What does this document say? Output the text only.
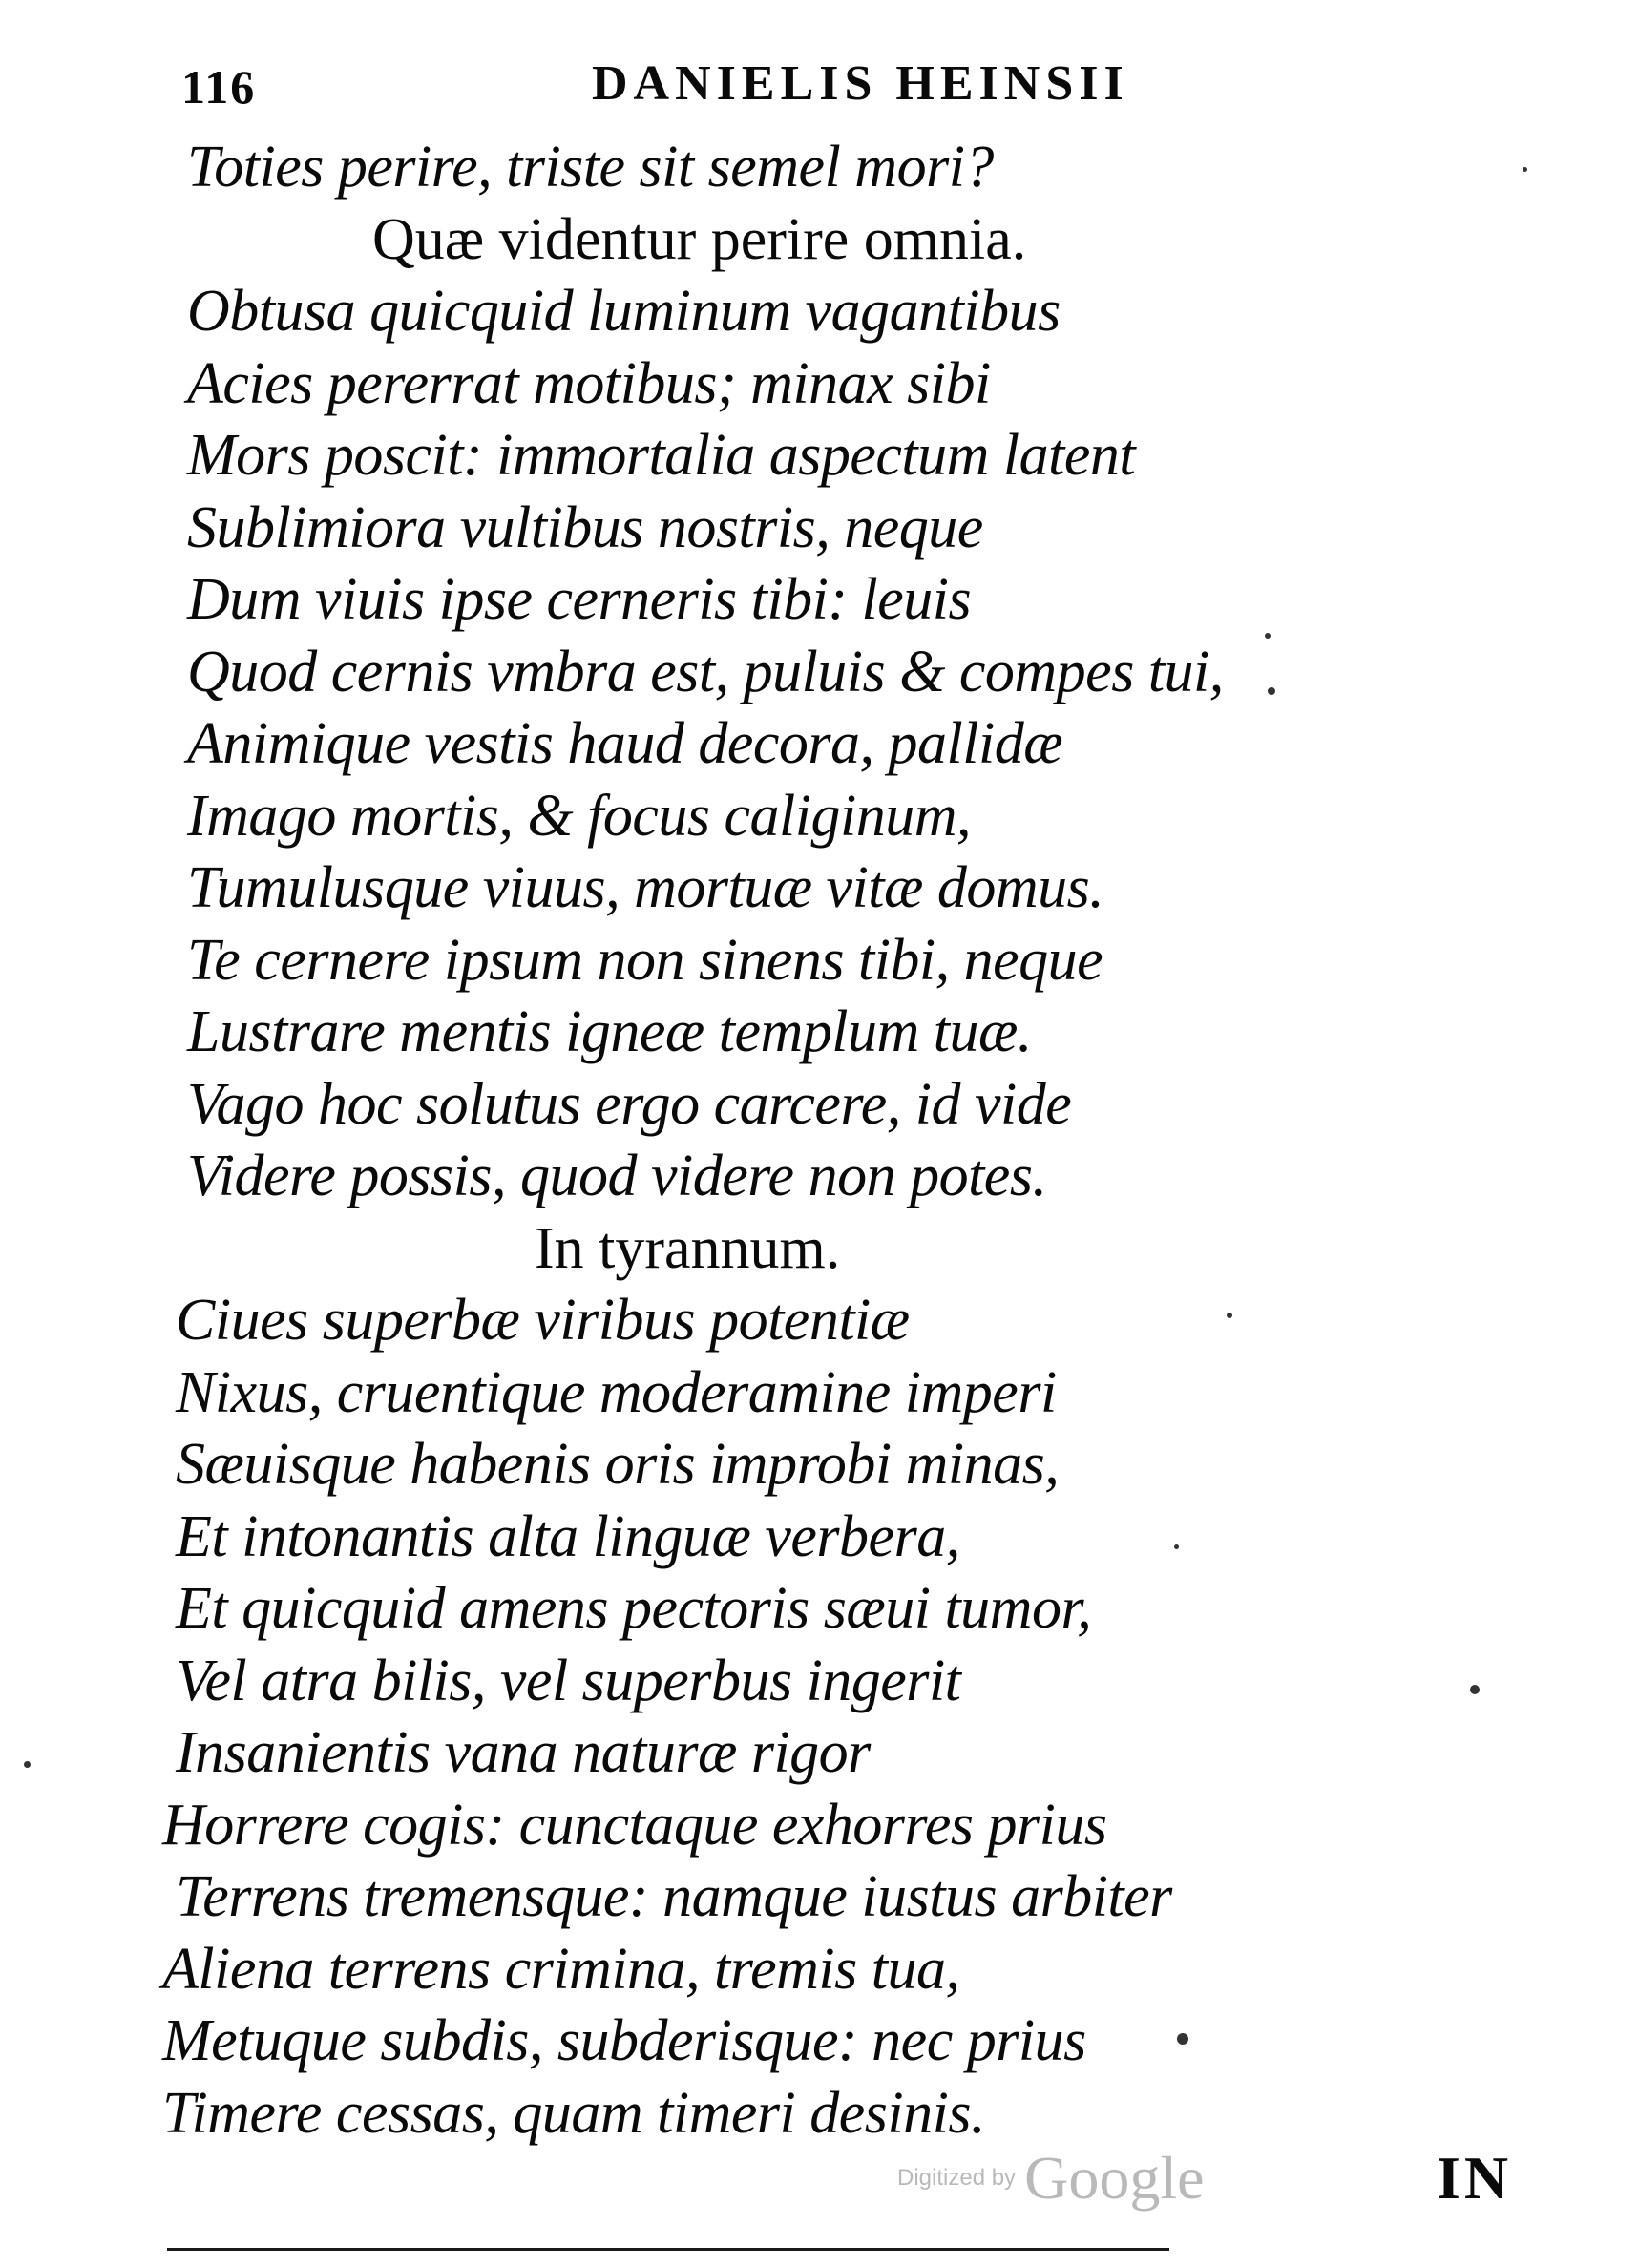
116	DANIELIS HEINSII
Toties perire, triste sit semel mori?
Quæ videntur perire omnia.
Obtusa quicquid luminum vagantibus
Acies pererrat motibus; minax sibi
Mors poscit: immortalia aspectum latent
Sublimiora vultibus nostris, neque
Dum viuis ipse cerneris tibi: leuis
Quod cernis vmbra est, puluis & compes tui,
Animique vestis haud decora, pallidæ
Imago mortis, & focus caliginum,
Tumulusque viuus, mortuæ vitæ domus.
Te cernere ipsum non sinens tibi, neque
Lustrare mentis igneæ templum tuæ.
Vago hoc solutus ergo carcere, id vide
Videre possis, quod videre non potes.
In tyrannum.
Ciues superbæ viribus potentiæ
Nixus, cruentique moderamine imperi
Sæuisque habenis oris improbi minas,
Et intonantis alta linguæ verbera,
Et quicquid amens pectoris sæui tumor,
Vel atra bilis, vel superbus ingerit
Insanientis vana naturæ rigor
Horrere cogis: cunctaque exhorres prius
Terrens tremensque: namque iustus arbiter
Aliena terrens crimina, tremis tua,
Metuque subdis, subderisque: nec prius
Timere cessas, quam timeri desinis.
Digitized by Google	IN
